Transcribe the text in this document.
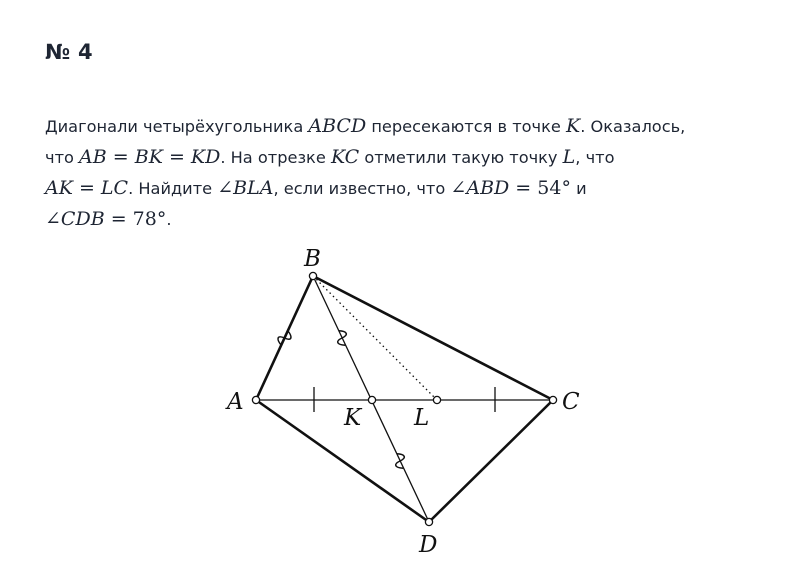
№ 4
Диагонали четырёхугольника ABCD пересекаются в точке K. Оказалось,
что AB = BK = KD. На отрезке KC отметили такую точку L, что
AK = LC. Найдите ∠BLA, если известно, что ∠ABD = 54° и
∠CDB = 78°.
A
B
C
D
K L
